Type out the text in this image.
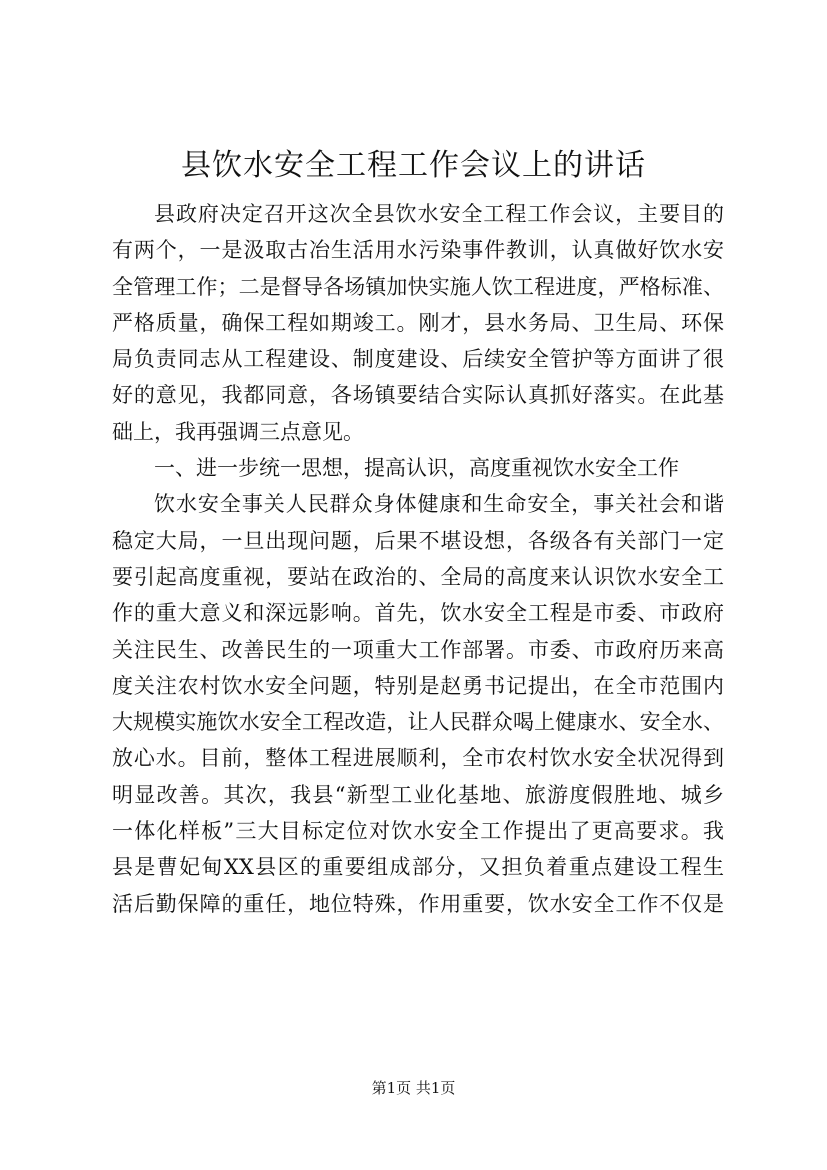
县饮水安全工程工作会议上的讲话
县政府决定召开这次全县饮水安全工程工作会议，主要目的
有两个，一是汲取古冶生活用水污染事件教训，认真做好饮水安
全管理工作；二是督导各场镇加快实施人饮工程进度，严格标准、
严格质量，确保工程如期竣工。刚才，县水务局、卫生局、环保
局负责同志从工程建设、制度建设、后续安全管护等方面讲了很
好的意见，我都同意，各场镇要结合实际认真抓好落实。在此基
础上，我再强调三点意见。
一、进一步统一思想，提高认识，高度重视饮水安全工作
饮水安全事关人民群众身体健康和生命安全，事关社会和谐
稳定大局，一旦出现问题，后果不堪设想，各级各有关部门一定
要引起高度重视，要站在政治的、全局的高度来认识饮水安全工
作的重大意义和深远影响。首先，饮水安全工程是市委、市政府
关注民生、改善民生的一项重大工作部署。市委、市政府历来高
度关注农村饮水安全问题，特别是赵勇书记提出，在全市范围内
大规模实施饮水安全工程改造，让人民群众喝上健康水、安全水、
放心水。目前，整体工程进展顺利，全市农村饮水安全状况得到
明显改善。其次，我县“新型工业化基地、旅游度假胜地、城乡
一体化样板”三大目标定位对饮水安全工作提出了更高要求。我
县是曹妃甸XX县区的重要组成部分，又担负着重点建设工程生
活后勤保障的重任，地位特殊，作用重要，饮水安全工作不仅是
第1页 共1页
